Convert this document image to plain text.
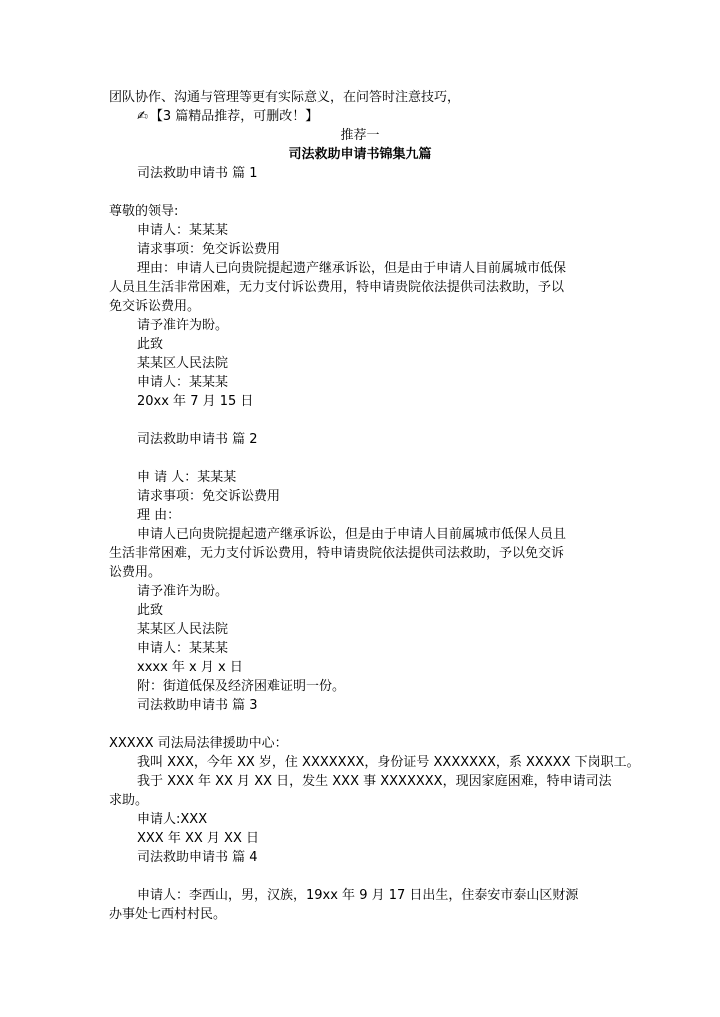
团队协作、沟通与管理等更有实际意义，在问答时注意技巧，
✍ 【3 篇精品推荐，可删改！】
推荐一
司法救助申请书锦集九篇
司法救助申请书 篇 1
尊敬的领导:
申请人：某某某
请求事项：免交诉讼费用
理由：申请人已向贵院提起遗产继承诉讼，但是由于申请人目前属城市低保
人员且生活非常困难，无力支付诉讼费用，特申请贵院依法提供司法救助，予以
免交诉讼费用。
请予准许为盼。
此致
某某区人民法院
申请人：某某某
20xx 年 7 月 15 日
司法救助申请书 篇 2
申 请 人：某某某
请求事项：免交诉讼费用
理 由：
申请人已向贵院提起遗产继承诉讼，但是由于申请人目前属城市低保人员且
生活非常困难，无力支付诉讼费用，特申请贵院依法提供司法救助，予以免交诉
讼费用。
请予准许为盼。
此致
某某区人民法院
申请人：某某某
xxxx 年 x 月 x 日
附：街道低保及经济困难证明一份。
司法救助申请书 篇 3
XXXXX 司法局法律援助中心：
我叫 XXX，今年 XX 岁，住 XXXXXXX，身份证号 XXXXXXX，系 XXXXX 下岗职工。
我于 XXX 年 XX 月 XX 日，发生 XXX 事 XXXXXXX，现因家庭困难，特申请司法
求助。
申请人:XXX
XXX 年 XX 月 XX 日
司法救助申请书 篇 4
申请人：李西山，男，汉族，19xx 年 9 月 17 日出生，住泰安市泰山区财源
办事处七西村村民。
